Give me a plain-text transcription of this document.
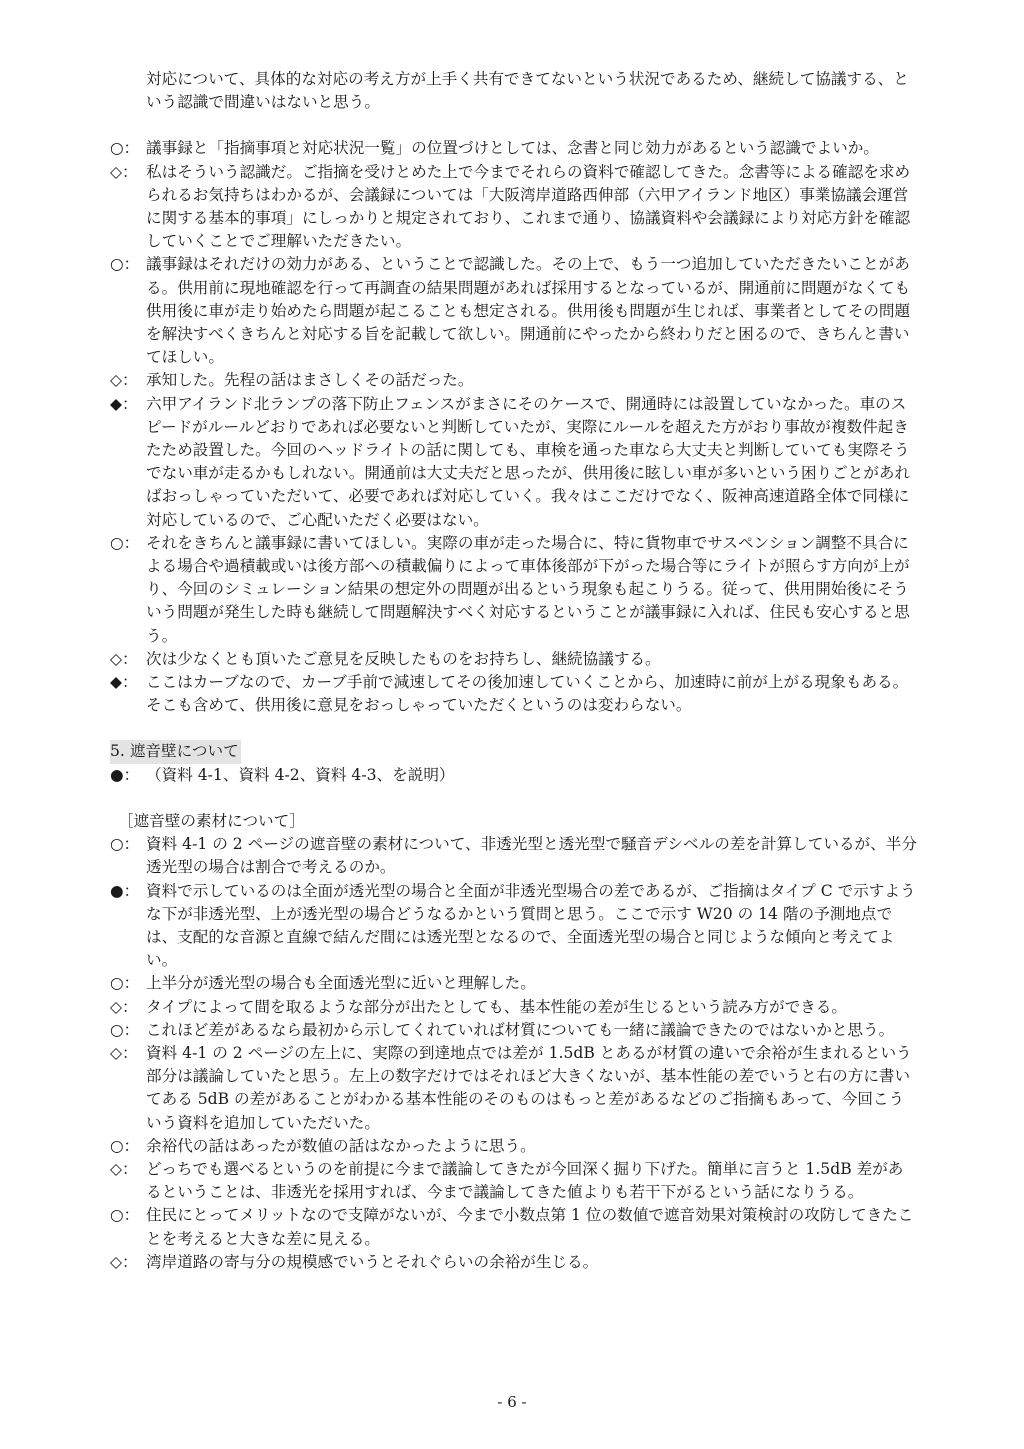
対応について、具体的な対応の考え方が上手く共有できてないという状況であるため、継続して協議する、という認識で間違いはないと思う。
○： 議事録と「指摘事項と対応状況一覧」の位置づけとしては、念書と同じ効力があるという認識でよいか。
◇： 私はそういう認識だ。ご指摘を受けとめた上で今までそれらの資料で確認してきた。念書等による確認を求められるお気持ちはわかるが、会議録については「大阪湾岸道路西伸部（六甲アイランド地区）事業協議会運営に関する基本的事項」にしっかりと規定されており、これまで通り、協議資料や会議録により対応方針を確認していくことでご理解いただきたい。
○： 議事録はそれだけの効力がある、ということで認識した。その上で、もう一つ追加していただきたいことがある。供用前に現地確認を行って再調査の結果問題があれば採用するとなっているが、開通前に問題がなくても供用後に車が走り始めたら問題が起こることも想定される。供用後も問題が生じれば、事業者としてその問題を解決すべくきちんと対応する旨を記載して欲しい。開通前にやったから終わりだと困るので、きちんと書いてほしい。
◇： 承知した。先程の話はまさしくその話だった。
◆： 六甲アイランド北ランプの落下防止フェンスがまさにそのケースで、開通時には設置していなかった。車のスピードがルールどおりであれば必要ないと判断していたが、実際にルールを超えた方がおり事故が複数件起きたため設置した。今回のヘッドライトの話に関しても、車検を通った車なら大丈夫と判断していても実際そうでない車が走るかもしれない。開通前は大丈夫だと思ったが、供用後に眩しい車が多いという困りごとがあればおっしゃっていただいて、必要であれば対応していく。我々はここだけでなく、阪神高速道路全体で同様に対応しているので、ご心配いただく必要はない。
○： それをきちんと議事録に書いてほしい。実際の車が走った場合に、特に貨物車でサスペンション調整不具合による場合や過積載或いは後方部への積載偏りによって車体後部が下がった場合等にライトが照らす方向が上がり、今回のシミュレーション結果の想定外の問題が出るという現象も起こりうる。従って、供用開始後にそういう問題が発生した時も継続して問題解決すべく対応するということが議事録に入れば、住民も安心すると思う。
◇： 次は少なくとも頂いたご意見を反映したものをお持ちし、継続協議する。
◆： ここはカーブなので、カーブ手前で減速してその後加速していくことから、加速時に前が上がる現象もある。そこも含めて、供用後に意見をおっしゃっていただくというのは変わらない。
5. 遮音壁について
●： （資料 4-1、資料 4-2、資料 4-3、を説明）
［遮音壁の素材について］
○： 資料 4-1 の 2 ページの遮音壁の素材について、非透光型と透光型で騒音デシベルの差を計算しているが、半分透光型の場合は割合で考えるのか。
●： 資料で示しているのは全面が透光型の場合と全面が非透光型場合の差であるが、ご指摘はタイプ C で示すような下が非透光型、上が透光型の場合どうなるかという質問と思う。ここで示す W20 の 14 階の予測地点では、支配的な音源と直線で結んだ間には透光型となるので、全面透光型の場合と同じような傾向と考えてよい。
○： 上半分が透光型の場合も全面透光型に近いと理解した。
◇： タイプによって間を取るような部分が出たとしても、基本性能の差が生じるという読み方ができる。
○： これほど差があるなら最初から示してくれていれば材質についても一緒に議論できたのではないかと思う。
◇： 資料 4-1 の 2 ページの左上に、実際の到達地点では差が 1.5dB とあるが材質の違いで余裕が生まれるという部分は議論していたと思う。左上の数字だけではそれほど大きくないが、基本性能の差でいうと右の方に書いてある 5dB の差があることがわかる基本性能のそのものはもっと差があるなどのご指摘もあって、今回こういう資料を追加していただいた。
○： 余裕代の話はあったが数値の話はなかったように思う。
◇： どっちでも選べるというのを前提に今まで議論してきたが今回深く掘り下げた。簡単に言うと 1.5dB 差があるということは、非透光を採用すれば、今まで議論してきた値よりも若干下がるという話になりうる。
○： 住民にとってメリットなので支障がないが、今まで小数点第 1 位の数値で遮音効果対策検討の攻防してきたことを考えると大きな差に見える。
◇： 湾岸道路の寄与分の規模感でいうとそれぐらいの余裕が生じる。
- 6 -
